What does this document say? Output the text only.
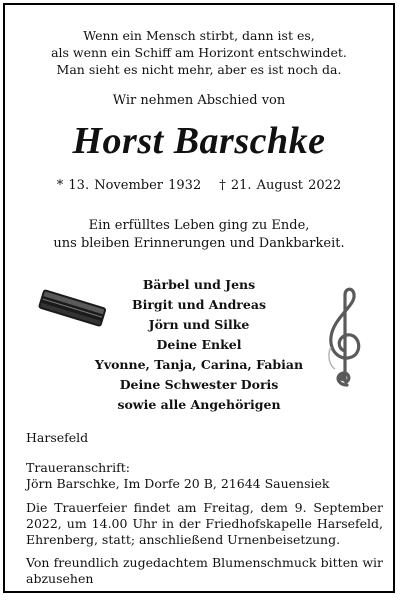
Wenn ein Mensch stirbt, dann ist es,
als wenn ein Schiff am Horizont entschwindet.
Man sieht es nicht mehr, aber es ist noch da.
Wir nehmen Abschied von
Horst Barschke
* 13. November 1932 † 21. August 2022
Ein erfülltes Leben ging zu Ende,
uns bleiben Erinnerungen und Dankbarkeit.
Bärbel und Jens
Birgit und Andreas
Jörn und Silke
Deine Enkel
Yvonne, Tanja, Carina, Fabian
Deine Schwester Doris
sowie alle Angehörigen
Harsefeld
Traueranschrift:
Jörn Barschke, Im Dorfe 20 B, 21644 Sauensiek
Die Trauerfeier findet am Freitag, dem 9. September 2022, um 14.00 Uhr in der Friedhofskapelle Harsefeld, Ehrenberg, statt; anschließend Urnenbeisetzung.
Von freundlich zugedachtem Blumenschmuck bitten wir abzusehen
